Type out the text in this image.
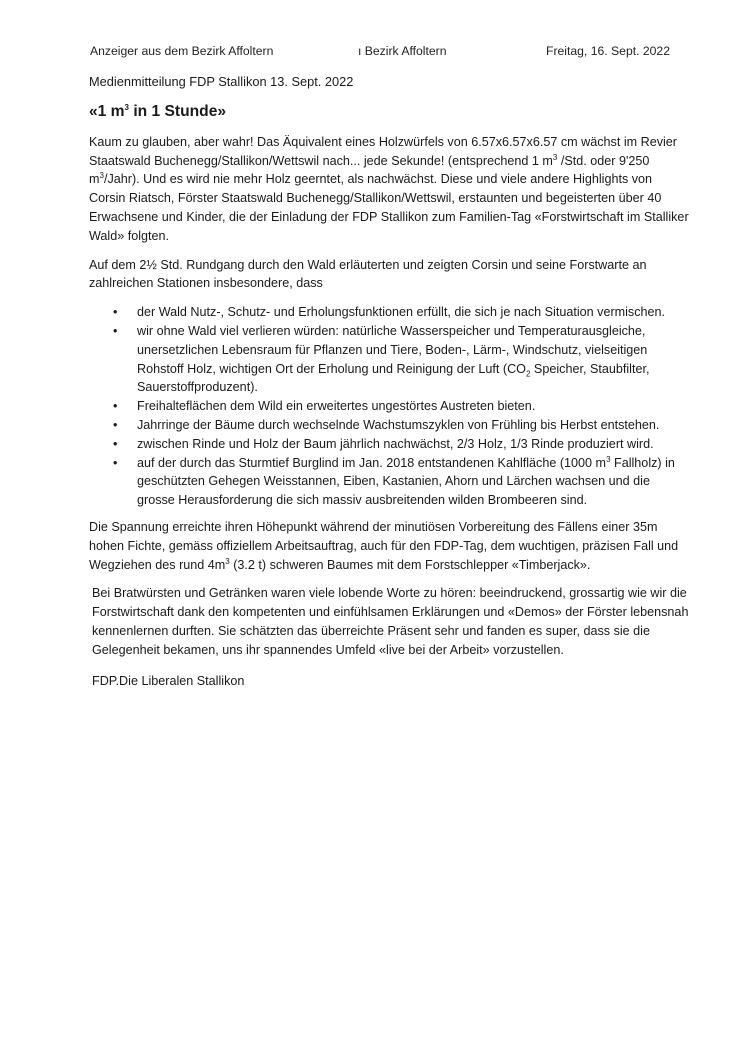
Anzeiger aus dem Bezirk Affoltern	ı Bezirk Affoltern	Freitag, 16. Sept. 2022

Medienmitteilung FDP Stallikon 13. Sept. 2022

«1 $m^3$ in 1 Stunde»

Kaum zu glauben, aber wahr! Das Äquivalent eines Holzwürfels von 6.57x6.57x6.57 cm wächst im Revier Staatswald Buchenegg/Stallikon/Wettswil nach... jede Sekunde! (entsprechend 1 $m^3$ /Std. oder 9'250 $m^3/Jahr$). Und es wird nie mehr Holz geerntet, als nachwächst. Diese und viele andere Highlights von Corsin Riatsch, Förster Staatswald Buchenegg/Stallikon/Wettswil, erstaunten und begeisterten über 40 Erwachsene und Kinder, die der Einladung der FDP Stallikon zum Familien-Tag «Forstwirtschaft im Stalliker Wald» folgten.

Auf dem 2½ Std. Rundgang durch den Wald erläuterten und zeigten Corsin und seine Forstwarte an zahlreichen Stationen insbesondere, dass

• der Wald Nutz-, Schutz- und Erholungsfunktionen erfüllt, die sich je nach Situation vermischen.
• wir ohne Wald viel verlieren würden: natürliche Wasserspeicher und Temperaturausgleiche, unersetzlichen Lebensraum für Pflanzen und Tiere, Boden-, Lärm-, Windschutz, vielseitigen Rohstoff Holz, wichtigen Ort der Erholung und Reinigung der Luft ($CO_2$ Speicher, Staubfilter, Sauerstoffproduzent).
• Freihalteflächen dem Wild ein erweitertes ungestörtes Austreten bieten.
• Jahrringe der Bäume durch wechselnde Wachstumszyklen von Frühling bis Herbst entstehen.
• zwischen Rinde und Holz der Baum jährlich nachwächst, 2/3 Holz, 1/3 Rinde produziert wird.
• auf der durch das Sturmtief Burglind im Jan. 2018 entstandenen Kahlfläche (1000 $m^3$ Fallholz) in geschützten Gehegen Weisstannen, Eiben, Kastanien, Ahorn und Lärchen wachsen und die grosse Herausforderung die sich massiv ausbreitenden wilden Brombeeren sind.

Die Spannung erreichte ihren Höhepunkt während der minutiösen Vorbereitung des Fällens einer 35m hohen Fichte, gemäss offiziellem Arbeitsauftrag, auch für den FDP-Tag, dem wuchtigen, präzisen Fall und Wegziehen des rund $4m^3$ (3.2 t) schweren Baumes mit dem Forstschlepper «Timberjack».

Bei Bratwürsten und Getränken waren viele lobende Worte zu hören: beeindruckend, grossartig wie wir die Forstwirtschaft dank den kompetenten und einfühlsamen Erklärungen und «Demos» der Förster lebensnah kennenlernen durften. Sie schätzten das überreichte Präsent sehr und fanden es super, dass sie die Gelegenheit bekamen, uns ihr spannendes Umfeld «live bei der Arbeit» vorzustellen.

FDP.Die Liberalen Stallikon
